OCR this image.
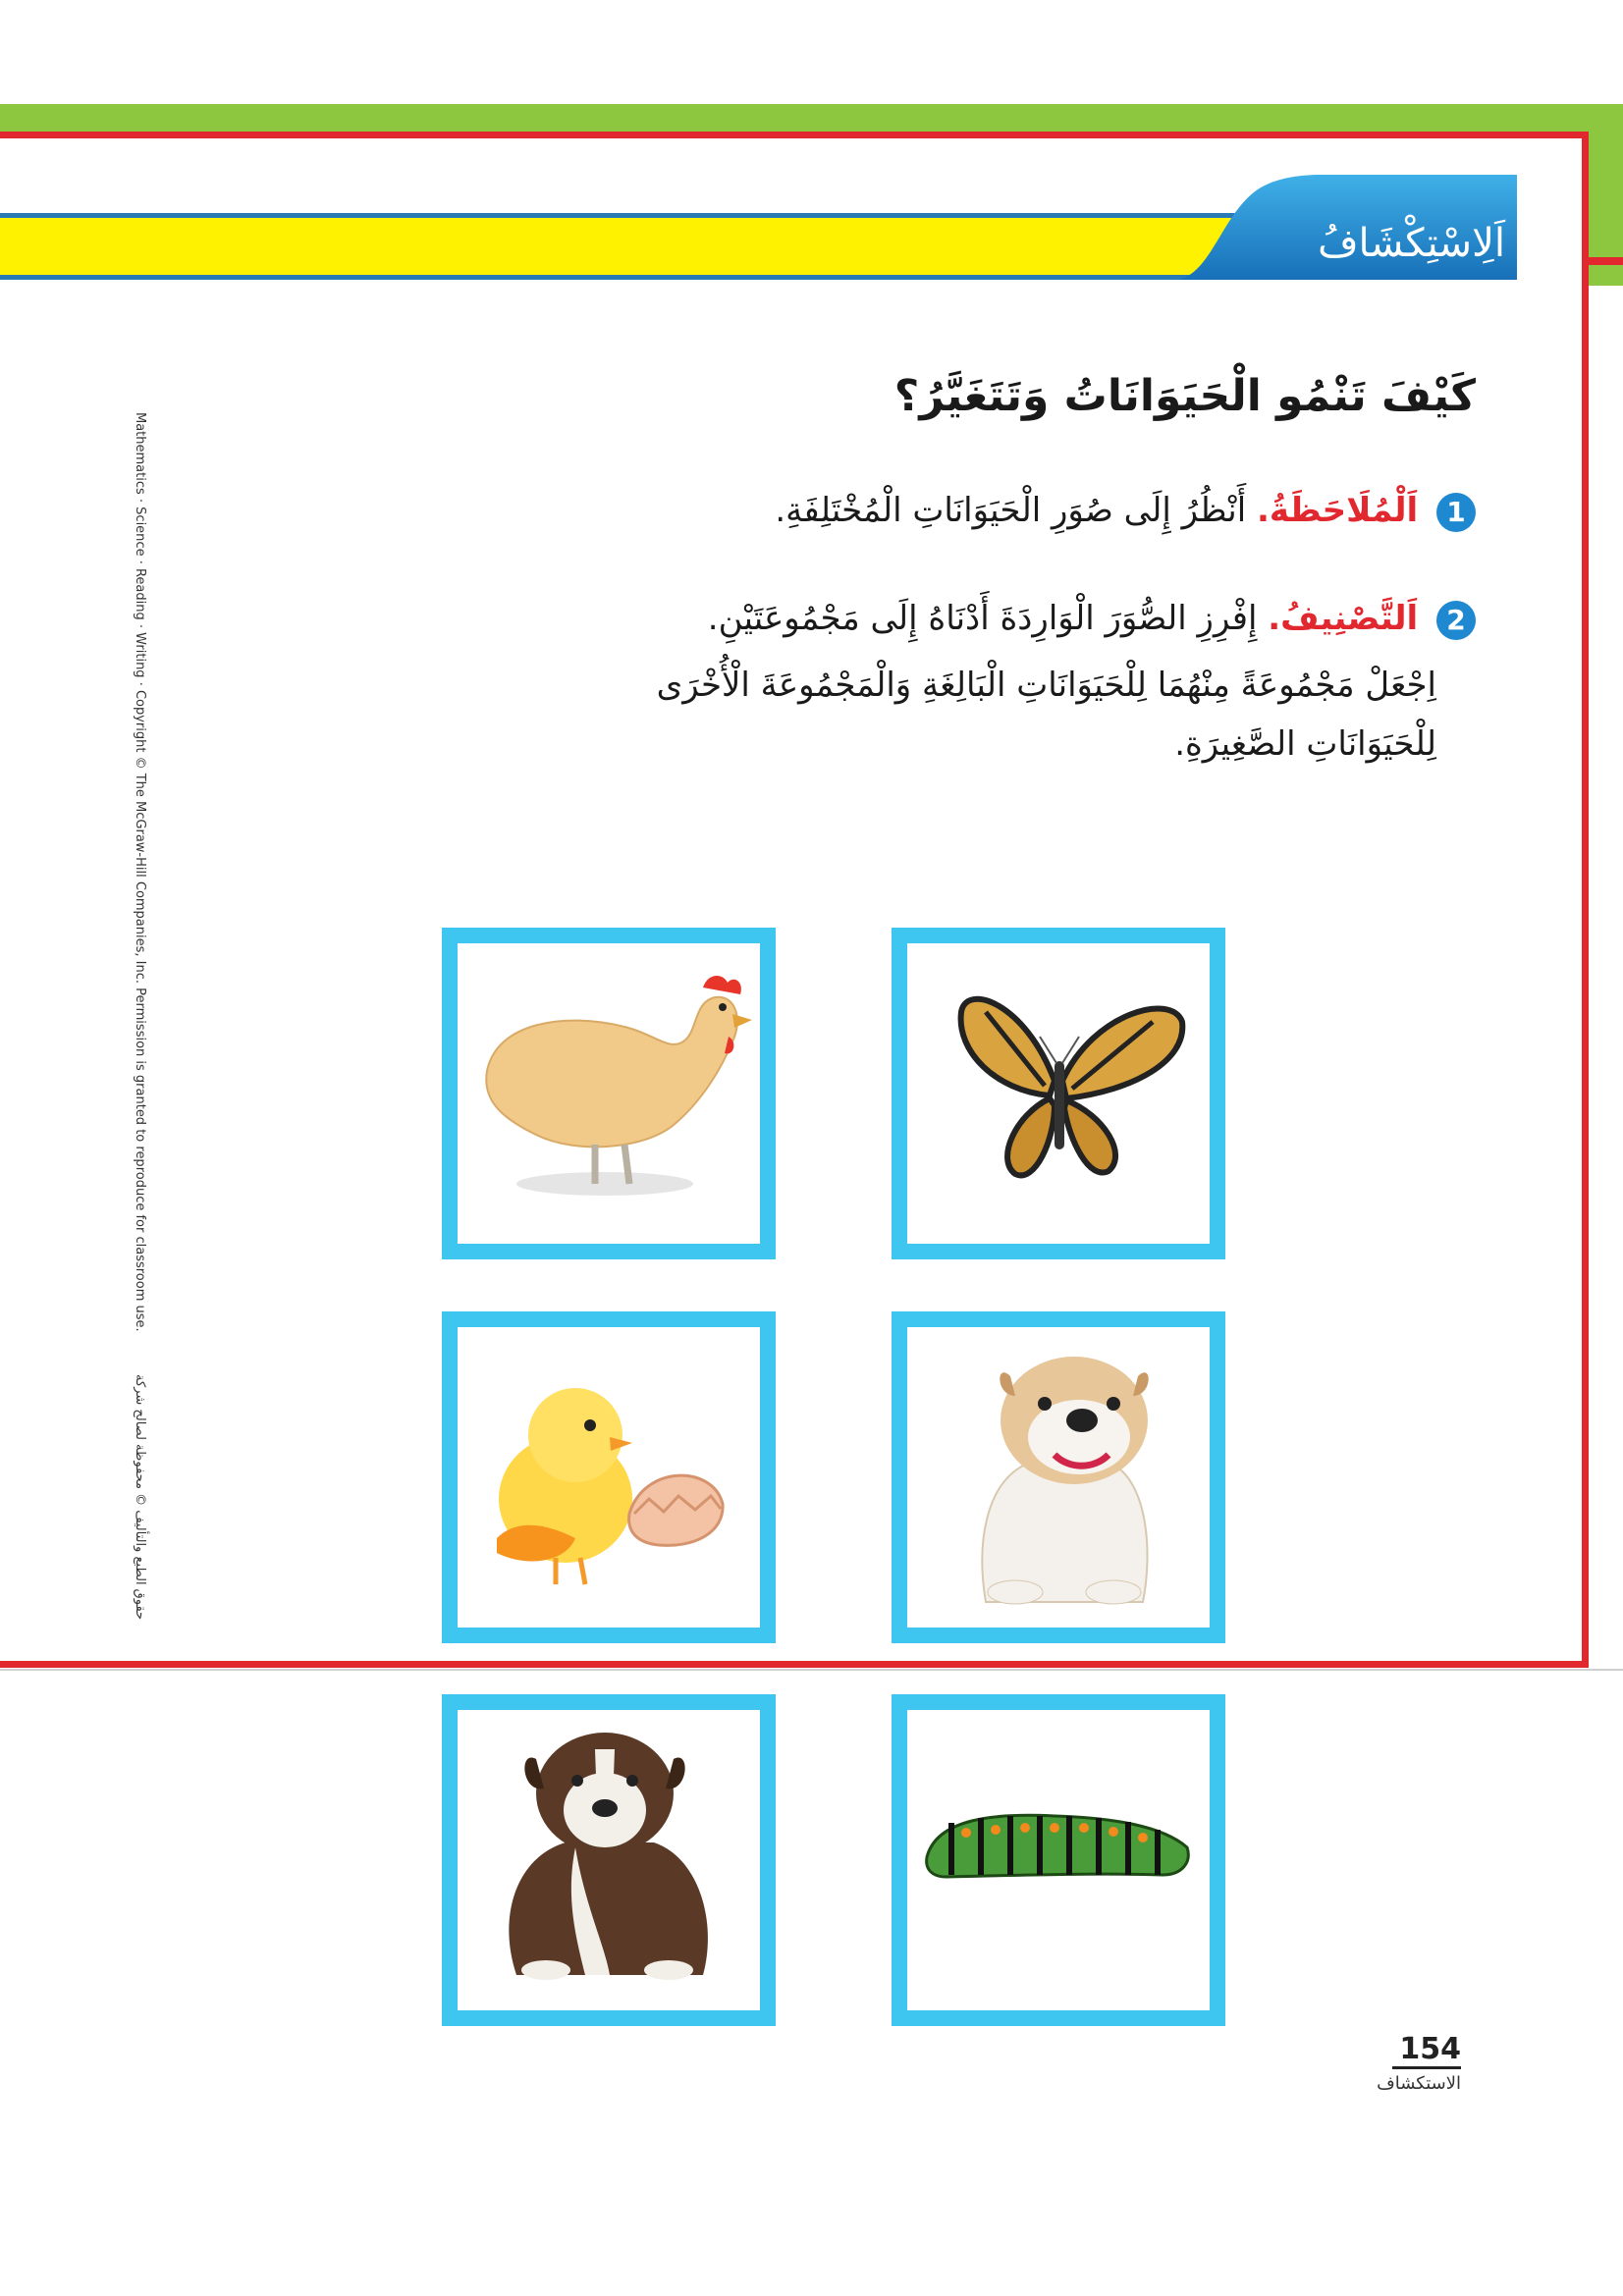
اَلِاسْتِكْشَافُ
كَيْفَ تَنْمُو الْحَيَوَانَاتُ وَتَتَغَيَّرُ؟
1 اَلْمُلَاحَظَةُ. أَنْظُرُ إِلَى صُوَرِ الْحَيَوَانَاتِ الْمُخْتَلِفَةِ.
2 اَلتَّصْنِيفُ. إِفْرِزِ الصُّوَرَ الْوَارِدَةَ أَدْنَاهُ إِلَى مَجْمُوعَتَيْنِ.
اِجْعَلْ مَجْمُوعَةً مِنْهُمَا لِلْحَيَوَانَاتِ الْبَالِغَةِ وَالْمَجْمُوعَةَ الْأُخْرَى
لِلْحَيَوَانَاتِ الصَّغِيرَةِ.
Mathematics · Science · Reading · Writing · Copyright © The McGraw-Hill Companies, Inc. Permission is granted to reproduce for classroom use.
حقوق الطبع والتأليف © محفوظة لصالح شركة
154
الاستكشاف
